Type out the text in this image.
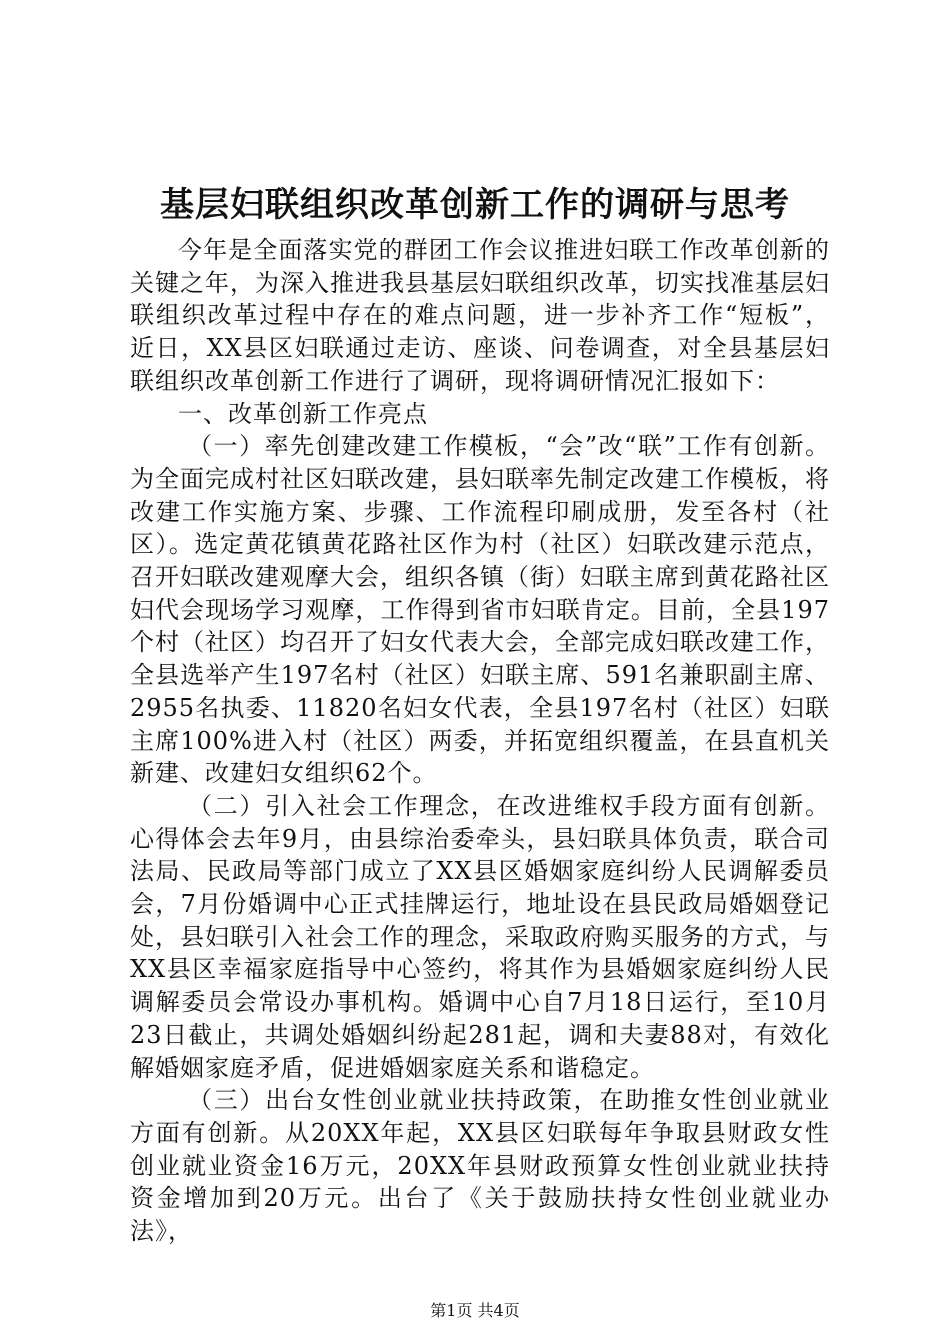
基层妇联组织改革创新工作的调研与思考

今年是全面落实党的群团工作会议推进妇联工作改革创新的关键之年，为深入推进我县基层妇联组织改革，切实找准基层妇联组织改革过程中存在的难点问题，进一步补齐工作“短板”，近日，XX县区妇联通过走访、座谈、问卷调查，对全县基层妇联组织改革创新工作进行了调研，现将调研情况汇报如下：

一、改革创新工作亮点

（一）率先创建改建工作模板，“会”改“联”工作有创新。为全面完成村社区妇联改建，县妇联率先制定改建工作模板，将改建工作实施方案、步骤、工作流程印刷成册，发至各村（社区）。选定黄花镇黄花路社区作为村（社区）妇联改建示范点，召开妇联改建观摩大会，组织各镇（街）妇联主席到黄花路社区妇代会现场学习观摩，工作得到省市妇联肯定。目前，全县197个村（社区）均召开了妇女代表大会，全部完成妇联改建工作，全县选举产生197名村（社区）妇联主席、591名兼职副主席、2955名执委、11820名妇女代表，全县197名村（社区）妇联主席100%进入村（社区）两委，并拓宽组织覆盖，在县直机关新建、改建妇女组织62个。

（二）引入社会工作理念，在改进维权手段方面有创新。心得体会去年9月，由县综治委牵头，县妇联具体负责，联合司法局、民政局等部门成立了XX县区婚姻家庭纠纷人民调解委员会，7月份婚调中心正式挂牌运行，地址设在县民政局婚姻登记处，县妇联引入社会工作的理念，采取政府购买服务的方式，与XX县区幸福家庭指导中心签约，将其作为县婚姻家庭纠纷人民调解委员会常设办事机构。婚调中心自7月18日运行，至10月23日截止，共调处婚姻纠纷起281起，调和夫妻88对，有效化解婚姻家庭矛盾，促进婚姻家庭关系和谐稳定。

（三）出台女性创业就业扶持政策，在助推女性创业就业方面有创新。从20XX年起，XX县区妇联每年争取县财政女性创业就业资金16万元，20XX年县财政预算女性创业就业扶持资金增加到20万元。出台了《关于鼓励扶持女性创业就业办法》，

第1页 共4页
